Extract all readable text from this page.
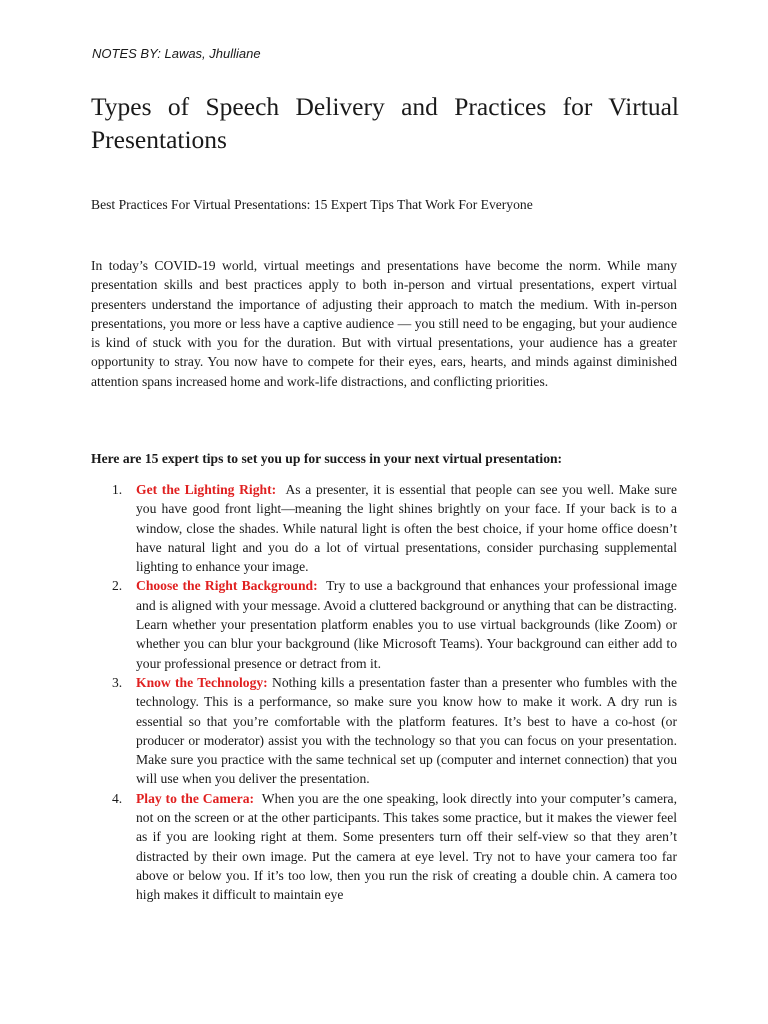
NOTES BY: Lawas, Jhulliane
Types of Speech Delivery and Practices for Virtual Presentations
Best Practices For Virtual Presentations: 15 Expert Tips That Work For Everyone

In today’s COVID-19 world, virtual meetings and presentations have become the norm. While many presentation skills and best practices apply to both in-person and virtual presentations, expert virtual presenters understand the importance of adjusting their approach to match the medium. With in-person presentations, you more or less have a captive audience — you still need to be engaging, but your audience is kind of stuck with you for the duration. But with virtual presentations, your audience has a greater opportunity to stray. You now have to compete for their eyes, ears, hearts, and minds against diminished attention spans increased home and work-life distractions, and conflicting priorities.

Here are 15 expert tips to set you up for success in your next virtual presentation:

1. Get the Lighting Right: As a presenter, it is essential that people can see you well. Make sure you have good front light—meaning the light shines brightly on your face. If your back is to a window, close the shades. While natural light is often the best choice, if your home office doesn’t have natural light and you do a lot of virtual presentations, consider purchasing supplemental lighting to enhance your image.
2. Choose the Right Background: Try to use a background that enhances your professional image and is aligned with your message. Avoid a cluttered background or anything that can be distracting. Learn whether your presentation platform enables you to use virtual backgrounds (like Zoom) or whether you can blur your background (like Microsoft Teams). Your background can either add to your professional presence or detract from it.
3. Know the Technology: Nothing kills a presentation faster than a presenter who fumbles with the technology. This is a performance, so make sure you know how to make it work. A dry run is essential so that you’re comfortable with the platform features. It’s best to have a co-host (or producer or moderator) assist you with the technology so that you can focus on your presentation. Make sure you practice with the same technical set up (computer and internet connection) that you will use when you deliver the presentation.
4. Play to the Camera: When you are the one speaking, look directly into your computer’s camera, not on the screen or at the other participants. This takes some practice, but it makes the viewer feel as if you are looking right at them. Some presenters turn off their self-view so that they aren’t distracted by their own image. Put the camera at eye level. Try not to have your camera too far above or below you. If it’s too low, then you run the risk of creating a double chin. A camera too high makes it difficult to maintain eye
